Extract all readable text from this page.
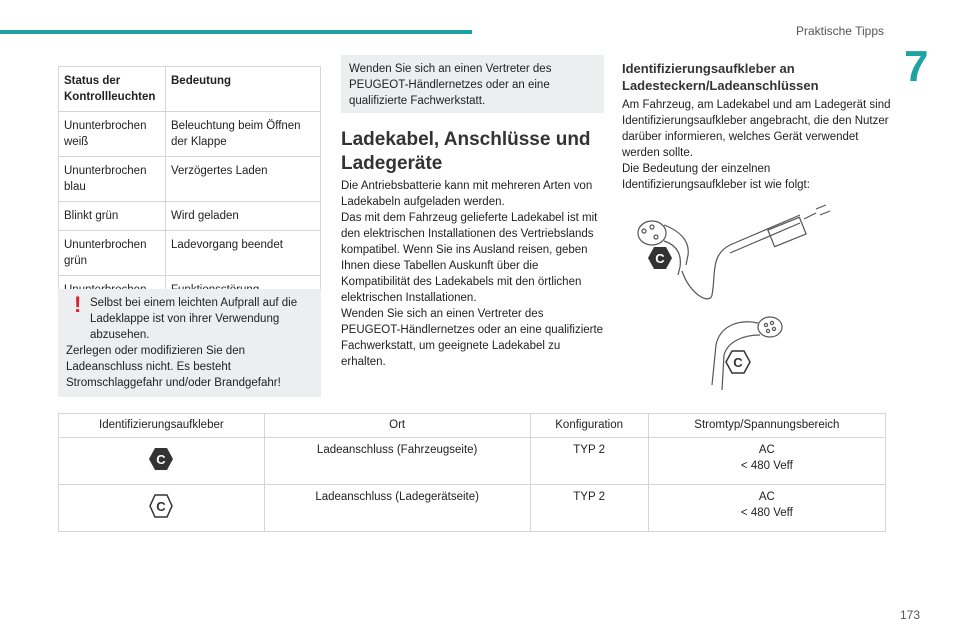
Praktische Tipps
7
Status der Kontrollleuchten	Bedeutung
Ununterbrochen weiß	Beleuchtung beim Öffnen der Klappe
Ununterbrochen blau	Verzögertes Laden
Blinkt grün	Wird geladen
Ununterbrochen grün	Ladevorgang beendet

! Selbst bei einem leichten Aufprall auf die Ladeklappe ist von ihrer Verwendung abzusehen.
Zerlegen oder modifizieren Sie den Ladeanschluss nicht. Es besteht Stromschlaggefahr und/oder Brandgefahr!
Wenden Sie sich an einen Vertreter des PEUGEOT-Händlernetzes oder an eine qualifizierte Fachwerkstatt.
Ladekabel, Anschlüsse und Ladegeräte
Die Antriebsbatterie kann mit mehreren Arten von Ladekabeln aufgeladen werden.
Das mit dem Fahrzeug gelieferte Ladekabel ist mit den elektrischen Installationen des Vertriebslands kompatibel. Wenn Sie ins Ausland reisen, geben Ihnen diese Tabellen Auskunft über die Kompatibilität des Ladekabels mit den örtlichen elektrischen Installationen.
Wenden Sie sich an einen Vertreter des PEUGEOT-Händlernetzes oder an eine qualifizierte Fachwerkstatt, um geeignete Ladekabel zu erhalten.
Identifizierungsaufkleber an Ladesteckern/Ladeanschlüssen
Am Fahrzeug, am Ladekabel und am Ladegerät sind Identifizierungsaufkleber angebracht, die den Nutzer darüber informieren, welches Gerät verwendet werden sollte.
Die Bedeutung der einzelnen Identifizierungsaufkleber ist wie folgt:
C
C
Identifizierungsaufkleber	Ort	Konfiguration	Stromtyp/Spannungsbereich

C	Ladeanschluss (Fahrzeugseite)	TYP 2	AC
< 480 Veff

C	Ladeanschluss (Ladegerätseite)	TYP 2	AC
< 480 Veff
173
